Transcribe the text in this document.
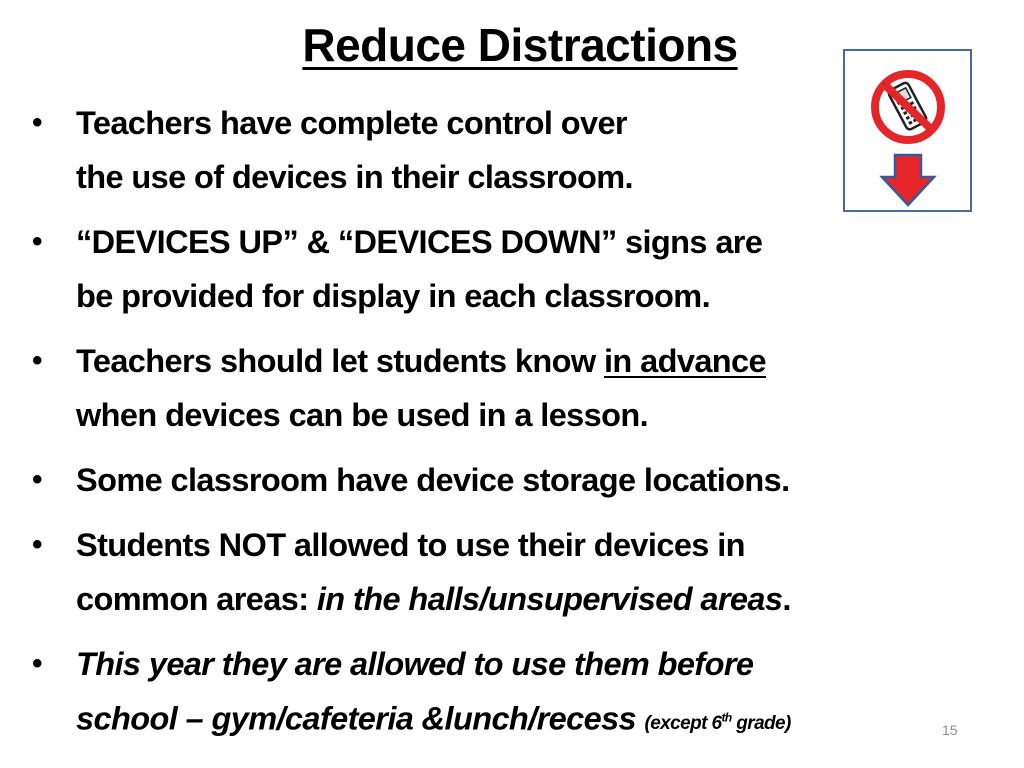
Reduce Distractions
• Teachers have complete control over
the use of devices in their classroom.
• “DEVICES UP” & “DEVICES DOWN” signs are
be provided for display in each classroom.
• Teachers should let students know in advance
when devices can be used in a lesson.
• Some classroom have device storage locations.
• Students NOT allowed to use their devices in
common areas: in the halls/unsupervised areas.
• This year they are allowed to use them before
school – gym/cafeteria &lunch/recess (except 6th grade)	15
